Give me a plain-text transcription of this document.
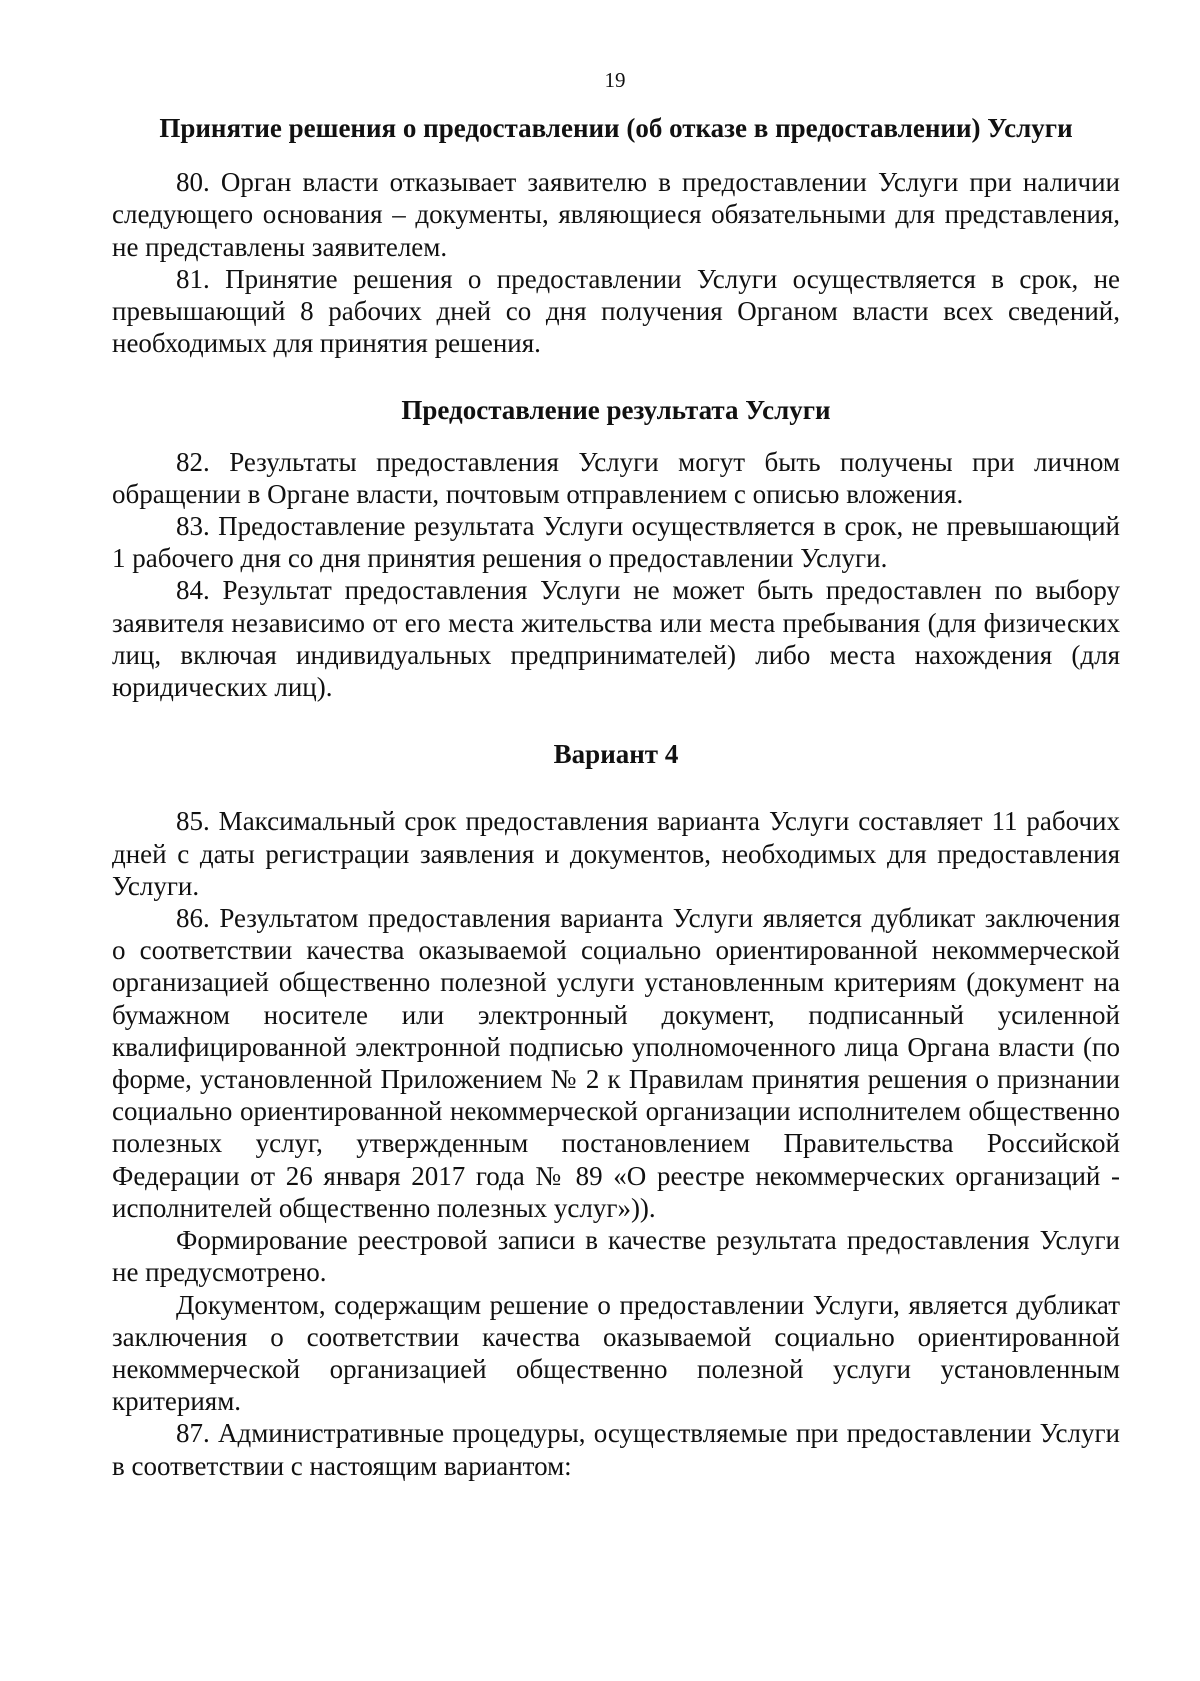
19

Принятие решения о предоставлении (об отказе в предоставлении) Услуги

80. Орган власти отказывает заявителю в предоставлении Услуги при наличии следующего основания – документы, являющиеся обязательными для представления, не представлены заявителем.

81. Принятие решения о предоставлении Услуги осуществляется в срок, не превышающий 8 рабочих дней со дня получения Органом власти всех сведений, необходимых для принятия решения.

Предоставление результата Услуги

82. Результаты предоставления Услуги могут быть получены при личном обращении в Органе власти, почтовым отправлением с описью вложения.

83. Предоставление результата Услуги осуществляется в срок, не превышающий 1 рабочего дня со дня принятия решения о предоставлении Услуги.

84. Результат предоставления Услуги не может быть предоставлен по выбору заявителя независимо от его места жительства или места пребывания (для физических лиц, включая индивидуальных предпринимателей) либо места нахождения (для юридических лиц).

Вариант 4

85. Максимальный срок предоставления варианта Услуги составляет 11 рабочих дней с даты регистрации заявления и документов, необходимых для предоставления Услуги.

86. Результатом предоставления варианта Услуги является дубликат заключения о соответствии качества оказываемой социально ориентированной некоммерческой организацией общественно полезной услуги установленным критериям (документ на бумажном носителе или электронный документ, подписанный усиленной квалифицированной электронной подписью уполномоченного лица Органа власти (по форме, установленной Приложением № 2 к Правилам принятия решения о признании социально ориентированной некоммерческой организации исполнителем общественно полезных услуг, утвержденным постановлением Правительства Российской Федерации от 26 января 2017 года № 89 «О реестре некоммерческих организаций - исполнителей общественно полезных услуг»)).

Формирование реестровой записи в качестве результата предоставления Услуги не предусмотрено.

Документом, содержащим решение о предоставлении Услуги, является дубликат заключения о соответствии качества оказываемой социально ориентированной некоммерческой организацией общественно полезной услуги установленным критериям.

87. Административные процедуры, осуществляемые при предоставлении Услуги в соответствии с настоящим вариантом:
